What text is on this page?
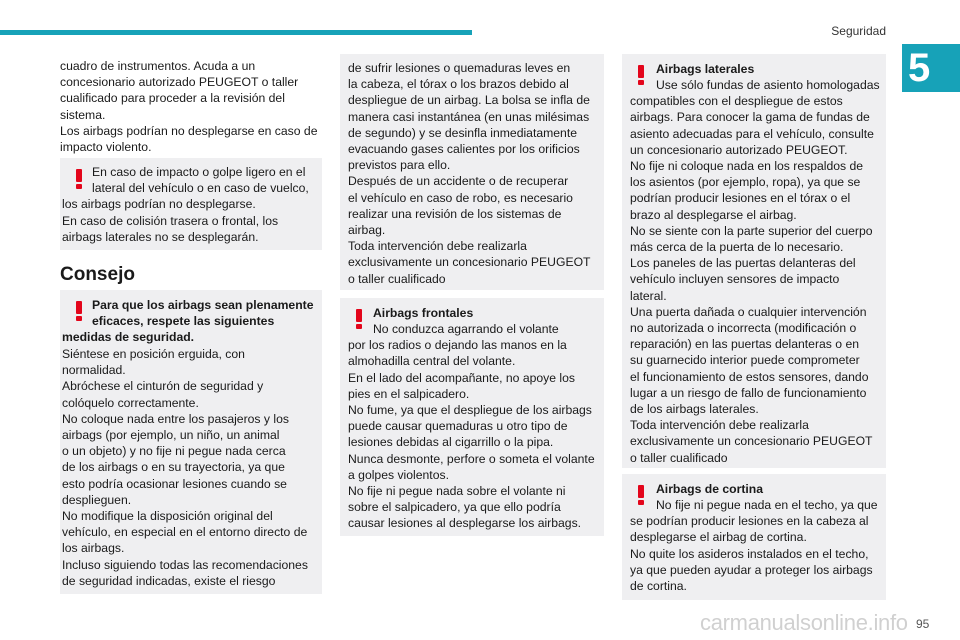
Seguridad
5
cuadro de instrumentos. Acuda a un
concesionario autorizado PEUGEOT o taller
cualificado para proceder a la revisión del
sistema.
Los airbags podrían no desplegarse en caso de
impacto violento.
En caso de impacto o golpe ligero en el
lateral del vehículo o en caso de vuelco,
los airbags podrían no desplegarse.
En caso de colisión trasera o frontal, los
airbags laterales no se desplegarán.
Consejo
Para que los airbags sean plenamente
eficaces, respete las siguientes
medidas de seguridad.
Siéntese en posición erguida, con
normalidad.
Abróchese el cinturón de seguridad y
colóquelo correctamente.
No coloque nada entre los pasajeros y los
airbags (por ejemplo, un niño, un animal
o un objeto) y no fije ni pegue nada cerca
de los airbags o en su trayectoria, ya que
esto podría ocasionar lesiones cuando se
desplieguen.
No modifique la disposición original del
vehículo, en especial en el entorno directo de
los airbags.
Incluso siguiendo todas las recomendaciones
de seguridad indicadas, existe el riesgo
de sufrir lesiones o quemaduras leves en
la cabeza, el tórax o los brazos debido al
despliegue de un airbag. La bolsa se infla de
manera casi instantánea (en unas milésimas
de segundo) y se desinfla inmediatamente
evacuando gases calientes por los orificios
previstos para ello.
Después de un accidente o de recuperar
el vehículo en caso de robo, es necesario
realizar una revisión de los sistemas de
airbag.
Toda intervención debe realizarla
exclusivamente un concesionario PEUGEOT
o taller cualificado
Airbags frontales
No conduzca agarrando el volante
por los radios o dejando las manos en la
almohadilla central del volante.
En el lado del acompañante, no apoye los
pies en el salpicadero.
No fume, ya que el despliegue de los airbags
puede causar quemaduras u otro tipo de
lesiones debidas al cigarrillo o la pipa.
Nunca desmonte, perfore o someta el volante
a golpes violentos.
No fije ni pegue nada sobre el volante ni
sobre el salpicadero, ya que ello podría
causar lesiones al desplegarse los airbags.
Airbags laterales
Use sólo fundas de asiento homologadas
compatibles con el despliegue de estos
airbags. Para conocer la gama de fundas de
asiento adecuadas para el vehículo, consulte
un concesionario autorizado PEUGEOT.
No fije ni coloque nada en los respaldos de
los asientos (por ejemplo, ropa), ya que se
podrían producir lesiones en el tórax o el
brazo al desplegarse el airbag.
No se siente con la parte superior del cuerpo
más cerca de la puerta de lo necesario.
Los paneles de las puertas delanteras del
vehículo incluyen sensores de impacto
lateral.
Una puerta dañada o cualquier intervención
no autorizada o incorrecta (modificación o
reparación) en las puertas delanteras o en
su guarnecido interior puede comprometer
el funcionamiento de estos sensores, dando
lugar a un riesgo de fallo de funcionamiento
de los airbags laterales.
Toda intervención debe realizarla
exclusivamente un concesionario PEUGEOT
o taller cualificado
Airbags de cortina
No fije ni pegue nada en el techo, ya que
se podrían producir lesiones en la cabeza al
desplegarse el airbag de cortina.
No quite los asideros instalados en el techo,
ya que pueden ayudar a proteger los airbags
de cortina.
carmanualsonline.info 95
